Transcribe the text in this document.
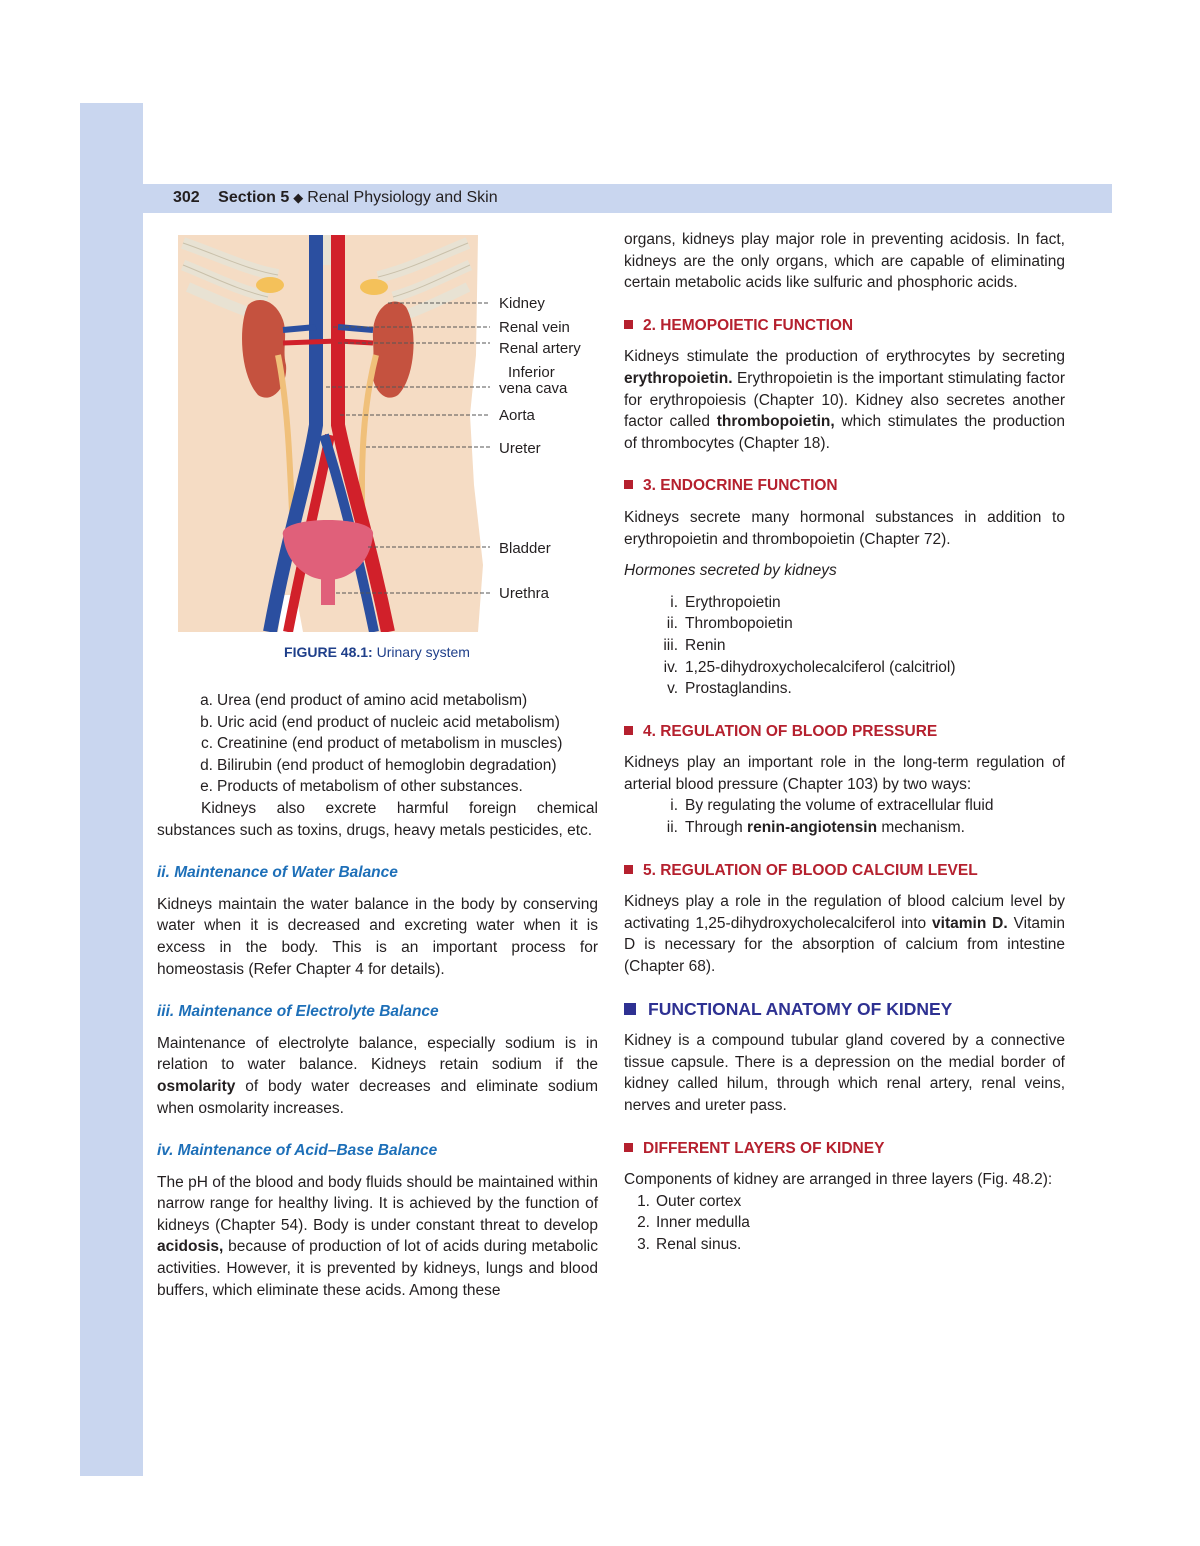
302 Section 5 ◆ Renal Physiology and Skin
Kidney
Renal vein
Renal artery
Inferior
vena cava
Aorta
Ureter
Bladder
Urethra
FIGURE 48.1: Urinary system
a. Urea (end product of amino acid metabolism)
b. Uric acid (end product of nucleic acid metabolism)
c. Creatinine (end product of metabolism in muscles)
d. Bilirubin (end product of hemoglobin degradation)
e. Products of metabolism of other substances.

Kidneys also excrete harmful foreign chemical substances such as toxins, drugs, heavy metals pesticides, etc.

ii. Maintenance of Water Balance

Kidneys maintain the water balance in the body by conserving water when it is decreased and excreting water when it is excess in the body. This is an important process for homeostasis (Refer Chapter 4 for details).

iii. Maintenance of Electrolyte Balance

Maintenance of electrolyte balance, especially sodium is in relation to water balance. Kidneys retain sodium if the osmolarity of body water decreases and eliminate sodium when osmolarity increases.

iv. Maintenance of Acid–Base Balance

The pH of the blood and body fluids should be maintained within narrow range for healthy living. It is achieved by the function of kidneys (Chapter 54). Body is under constant threat to develop acidosis, because of production of lot of acids during metabolic activities. However, it is prevented by kidneys, lungs and blood buffers, which eliminate these acids. Among these

organs, kidneys play major role in preventing acidosis. In fact, kidneys are the only organs, which are capable of eliminating certain metabolic acids like sulfuric and phosphoric acids.

2. HEMOPOIETIC FUNCTION

Kidneys stimulate the production of erythrocytes by secreting erythropoietin. Erythropoietin is the important stimulating factor for erythropoiesis (Chapter 10). Kidney also secretes another factor called thrombopoietin, which stimulates the production of thrombocytes (Chapter 18).

3. ENDOCRINE FUNCTION

Kidneys secrete many hormonal substances in addition to erythropoietin and thrombopoietin (Chapter 72).

Hormones secreted by kidneys

i. Erythropoietin
ii. Thrombopoietin
iii. Renin
iv. 1,25-dihydroxycholecalciferol (calcitriol)
v. Prostaglandins.

4. REGULATION OF BLOOD PRESSURE

Kidneys play an important role in the long-term regulation of arterial blood pressure (Chapter 103) by two ways:

i. By regulating the volume of extracellular fluid
ii. Through renin-angiotensin mechanism.

5. REGULATION OF BLOOD CALCIUM LEVEL

Kidneys play a role in the regulation of blood calcium level by activating 1,25-dihydroxycholecalciferol into vitamin D. Vitamin D is necessary for the absorption of calcium from intestine (Chapter 68).

FUNCTIONAL ANATOMY OF KIDNEY

Kidney is a compound tubular gland covered by a connective tissue capsule. There is a depression on the medial border of kidney called hilum, through which renal artery, renal veins, nerves and ureter pass.

DIFFERENT LAYERS OF KIDNEY

Components of kidney are arranged in three layers (Fig. 48.2):

1. Outer cortex
2. Inner medulla
3. Renal sinus.
